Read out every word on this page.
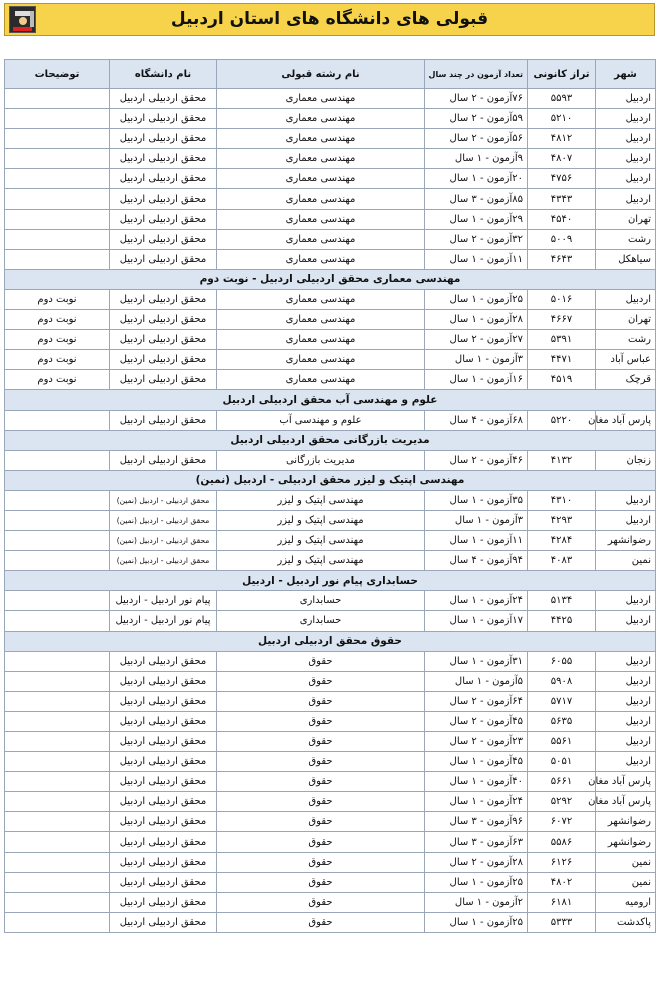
قبولی های دانشگاه های استان اردبیل
شهر	تراز کانونی	تعداد آزمون در چند سال	نام رشته قبولی	نام دانشگاه	توضیحات
اردبیل	۵۵۹۳	۷۶آزمون - ۲ سال	مهندسی معماری	محقق اردبیلی اردبیل	
اردبیل	۵۲۱۰	۵۹آزمون - ۲ سال	مهندسی معماری	محقق اردبیلی اردبیل	
اردبیل	۴۸۱۲	۵۶آزمون - ۲ سال	مهندسی معماری	محقق اردبیلی اردبیل	
اردبیل	۴۸۰۷	۹آزمون - ۱ سال	مهندسی معماری	محقق اردبیلی اردبیل	
اردبیل	۴۷۵۶	۲۰آزمون - ۱ سال	مهندسی معماری	محقق اردبیلی اردبیل	
اردبیل	۴۳۴۳	۸۵آزمون - ۳ سال	مهندسی معماری	محقق اردبیلی اردبیل	
تهران	۴۵۴۰	۲۹آزمون - ۱ سال	مهندسی معماری	محقق اردبیلی اردبیل	
رشت	۵۰۰۹	۳۲آزمون - ۲ سال	مهندسی معماری	محقق اردبیلی اردبیل	
سیاهکل	۴۶۴۳	۱۱آزمون - ۱ سال	مهندسی معماری	محقق اردبیلی اردبیل	
مهندسی معماری محقق اردبیلی اردبیل - نوبت دوم					
اردبیل	۵۰۱۶	۲۵آزمون - ۱ سال	مهندسی معماری	محقق اردبیلی اردبیل	نوبت دوم
تهران	۴۶۶۷	۲۸آزمون - ۱ سال	مهندسی معماری	محقق اردبیلی اردبیل	نوبت دوم
رشت	۵۳۹۱	۲۷آزمون - ۲ سال	مهندسی معماری	محقق اردبیلی اردبیل	نوبت دوم
عباس آباد	۴۴۷۱	۳آزمون - ۱ سال	مهندسی معماری	محقق اردبیلی اردبیل	نوبت دوم
قرچک	۴۵۱۹	۱۶آزمون - ۱ سال	مهندسی معماری	محقق اردبیلی اردبیل	نوبت دوم
علوم و مهندسی آب محقق اردبیلی اردبیل					
پارس آباد مغان	۵۲۲۰	۶۸آزمون - ۴ سال	علوم و مهندسی آب	محقق اردبیلی اردبیل	
مدیریت بازرگانی محقق اردبیلی اردبیل					
زنجان	۴۱۳۲	۴۶آزمون - ۲ سال	مدیریت بازرگانی	محقق اردبیلی اردبیل	
مهندسی اپتیک و لیزر محقق اردبیلی - اردبیل (نمین)					
اردبیل	۴۳۱۰	۳۵آزمون - ۱ سال	مهندسی اپتیک و لیزر	محقق اردبیلی - اردبیل (نمین)	
اردبیل	۴۲۹۳	۳آزمون - ۱ سال	مهندسی اپتیک و لیزر	محقق اردبیلی - اردبیل (نمین)	
رضوانشهر	۴۲۸۴	۱۱آزمون - ۱ سال	مهندسی اپتیک و لیزر	محقق اردبیلی - اردبیل (نمین)	
نمین	۴۰۸۳	۹۴آزمون - ۴ سال	مهندسی اپتیک و لیزر	محقق اردبیلی - اردبیل (نمین)	
حسابداری پیام نور اردبیل - اردبیل					
اردبیل	۵۱۳۴	۲۴آزمون - ۱ سال	حسابداری	پیام نور اردبیل - اردبیل	
اردبیل	۴۴۲۵	۱۷آزمون - ۱ سال	حسابداری	پیام نور اردبیل - اردبیل	
حقوق محقق اردبیلی اردبیل					
اردبیل	۶۰۵۵	۳۱آزمون - ۱ سال	حقوق	محقق اردبیلی اردبیل	
اردبیل	۵۹۰۸	۵آزمون - ۱ سال	حقوق	محقق اردبیلی اردبیل	
اردبیل	۵۷۱۷	۶۴آزمون - ۲ سال	حقوق	محقق اردبیلی اردبیل	
اردبیل	۵۶۳۵	۴۵آزمون - ۲ سال	حقوق	محقق اردبیلی اردبیل	
اردبیل	۵۵۶۱	۲۳آزمون - ۲ سال	حقوق	محقق اردبیلی اردبیل	
اردبیل	۵۰۵۱	۴۵آزمون - ۱ سال	حقوق	محقق اردبیلی اردبیل	
پارس آباد مغان	۵۶۶۱	۴۰آزمون - ۱ سال	حقوق	محقق اردبیلی اردبیل	
پارس آباد مغان	۵۲۹۲	۲۴آزمون - ۱ سال	حقوق	محقق اردبیلی اردبیل	
رضوانشهر	۶۰۷۲	۹۶آزمون - ۳ سال	حقوق	محقق اردبیلی اردبیل	
رضوانشهر	۵۵۸۶	۶۳آزمون - ۳ سال	حقوق	محقق اردبیلی اردبیل	
نمین	۶۱۲۶	۲۸آزمون - ۲ سال	حقوق	محقق اردبیلی اردبیل	
نمین	۴۸۰۲	۲۵آزمون - ۱ سال	حقوق	محقق اردبیلی اردبیل	
ارومیه	۶۱۸۱	۲آزمون - ۱ سال	حقوق	محقق اردبیلی اردبیل	
پاکدشت	۵۳۳۳	۲۵آزمون - ۱ سال	حقوق	محقق اردبیلی اردبیل	
